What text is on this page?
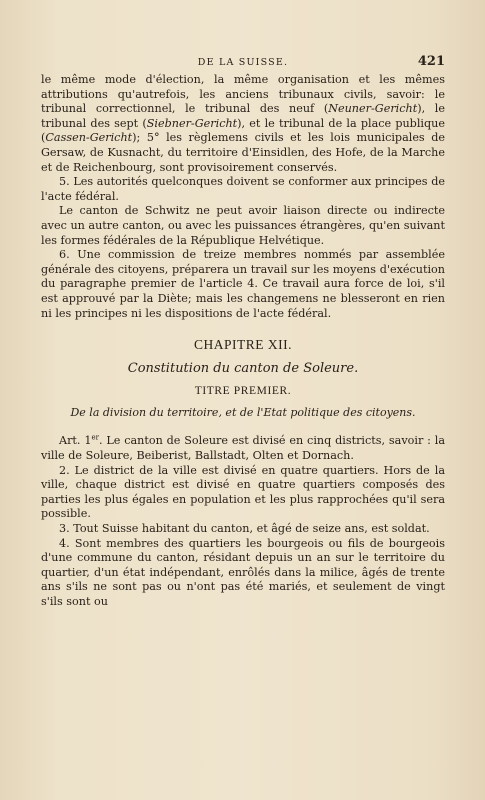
DE LA SUISSE.	421

le même mode d'élection, la même organisation et les mêmes attributions qu'autrefois, les anciens tribunaux civils, savoir: le tribunal correctionnel, le tribunal des neuf (Neuner-Gericht), le tribunal des sept (Siebner-Gericht), et le tribunal de la place publique (Cassen-Gericht); 5° les règlemens civils et les lois municipales de Gersaw, de Kusnacht, du territoire d'Einsidlen, des Hofe, de la Marche et de Reichenbourg, sont provisoirement conservés.

5. Les autorités quelconques doivent se conformer aux principes de l'acte fédéral.

Le canton de Schwitz ne peut avoir liaison directe ou indirecte avec un autre canton, ou avec les puissances étrangères, qu'en suivant les formes fédérales de la République Helvétique.

6. Une commission de treize membres nommés par assemblée générale des citoyens, préparera un travail sur les moyens d'exécution du paragraphe premier de l'article 4. Ce travail aura force de loi, s'il est approuvé par la Diète; mais les changemens ne blesseront en rien ni les principes ni les dispositions de l'acte fédéral.

CHAPITRE XII.
Constitution du canton de Soleure.
TITRE PREMIER.
De la division du territoire, et de l'Etat politique des citoyens.

Art. 1er. Le canton de Soleure est divisé en cinq districts, savoir : la ville de Soleure, Beiberist, Ballstadt, Olten et Dornach.

2. Le district de la ville est divisé en quatre quartiers. Hors de la ville, chaque district est divisé en quatre quartiers composés des parties les plus égales en population et les plus rapprochées qu'il sera possible.

3. Tout Suisse habitant du canton, et âgé de seize ans, est soldat.

4. Sont membres des quartiers les bourgeois ou fils de bourgeois d'une commune du canton, résidant depuis un an sur le territoire du quartier, d'un état indépendant, enrôlés dans la milice, âgés de trente ans s'ils ne sont pas ou n'ont pas été mariés, et seulement de vingt s'ils sont ou
